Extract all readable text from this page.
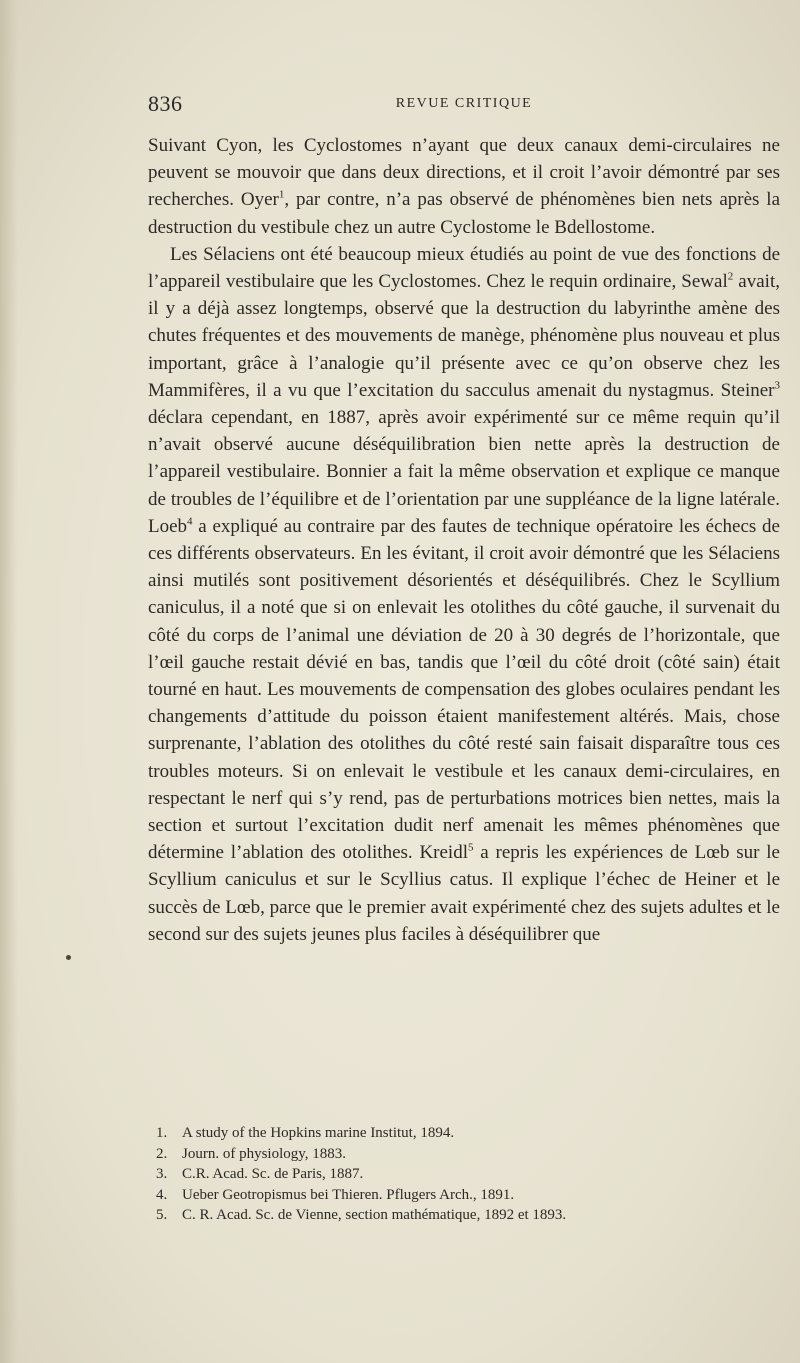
836	REVUE CRITIQUE

Suivant Cyon, les Cyclostomes n’ayant que deux canaux demi-circulaires ne peuvent se mouvoir que dans deux directions, et il croit l’avoir démontré par ses recherches. Oyer$^1$, par contre, n’a pas observé de phénomènes bien nets après la destruction du vestibule chez un autre Cyclostome le Bdellostome.

Les Sélaciens ont été beaucoup mieux étudiés au point de vue des fonctions de l’appareil vestibulaire que les Cyclostomes. Chez le requin ordinaire, Sewal$^2$ avait, il y a déjà assez longtemps, observé que la destruction du labyrinthe amène des chutes fréquentes et des mouvements de manège, phénomène plus nouveau et plus important, grâce à l’analogie qu’il présente avec ce qu’on observe chez les Mammifères, il a vu que l’excitation du sacculus amenait du nystagmus. Steiner$^3$ déclara cependant, en 1887, après avoir expérimenté sur ce même requin qu’il n’avait observé aucune déséquilibration bien nette après la destruction de l’appareil vestibulaire. Bonnier a fait la même observation et explique ce manque de troubles de l’équilibre et de l’orientation par une suppléance de la ligne latérale. Loeb$^4$ a expliqué au contraire par des fautes de technique opératoire les échecs de ces différents observateurs. En les évitant, il croit avoir démontré que les Sélaciens ainsi mutilés sont positivement désorientés et déséquilibrés. Chez le Scyllium caniculus, il a noté que si on enlevait les otolithes du côté gauche, il survenait du côté du corps de l’animal une déviation de 20 à 30 degrés de l’horizontale, que l’œil gauche restait dévié en bas, tandis que l’œil du côté droit (côté sain) était tourné en haut. Les mouvements de compensation des globes oculaires pendant les changements d’attitude du poisson étaient manifestement altérés. Mais, chose surprenante, l’ablation des otolithes du côté resté sain faisait disparaître tous ces troubles moteurs. Si on enlevait le vestibule et les canaux demi-circulaires, en respectant le nerf qui s’y rend, pas de perturbations motrices bien nettes, mais la section et surtout l’excitation dudit nerf amenait les mêmes phénomènes que détermine l’ablation des otolithes. Kreidl$^5$ a repris les expériences de Lœb sur le Scyllium caniculus et sur le Scyllius catus. Il explique l’échec de Heiner et le succès de Lœb, parce que le premier avait expérimenté chez des sujets adultes et le second sur des sujets jeunes plus faciles à déséquilibrer que

1. A study of the Hopkins marine Institut, 1894.
2. Journ. of physiology, 1883.
3. C.R. Acad. Sc. de Paris, 1887.
4. Ueber Geotropismus bei Thieren. Pflugers Arch., 1891.
5. C. R. Acad. Sc. de Vienne, section mathématique, 1892 et 1893.
